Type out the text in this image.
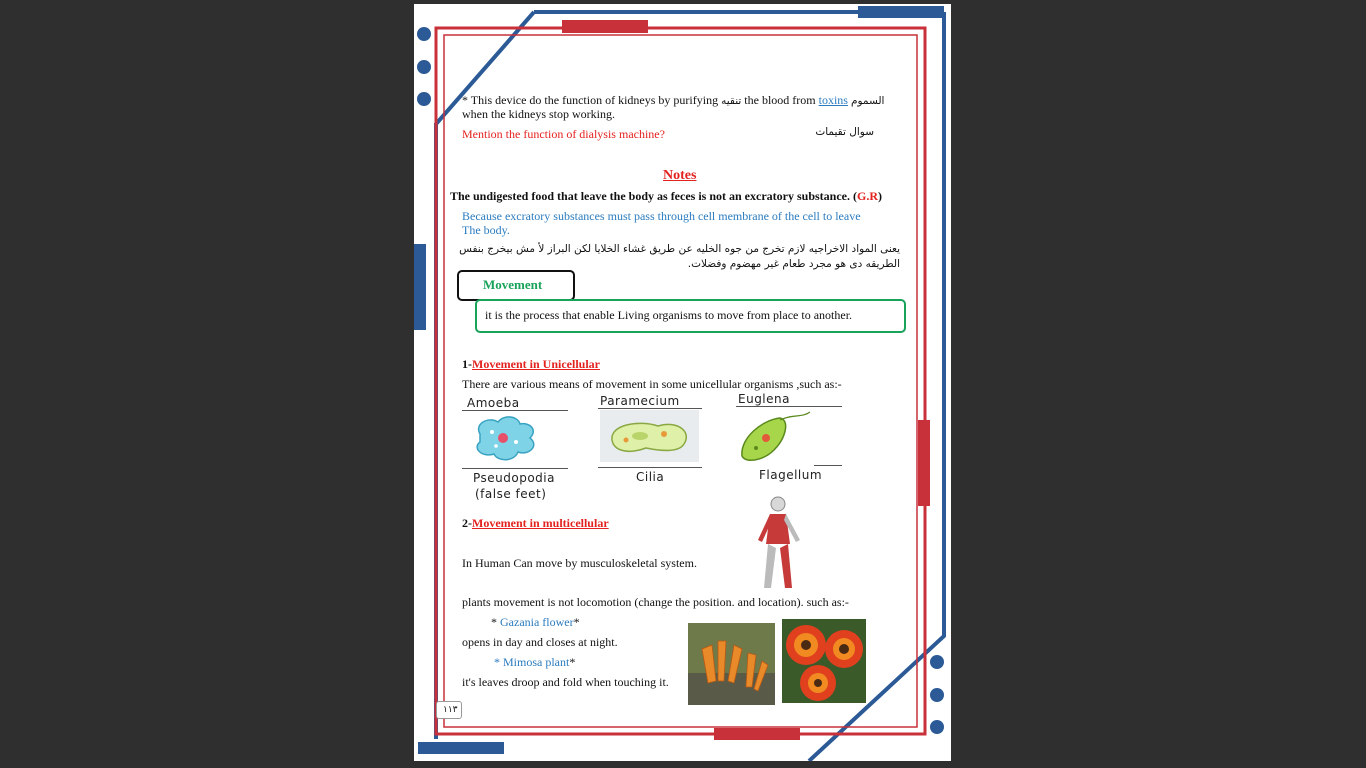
* This device do the function of kidneys by purifying تنقيه the blood from toxins السموم
when the kidneys stop working.
Mention the function of dialysis machine?	سوال تقيمات
Notes
The undigested food that leave the body as feces is not an excratory substance. (G.R)
Because excratory substances must pass through cell membrane of the cell to leave
The body.
يعنى المواد الاخراجيه لازم تخرج من جوه الخليه عن طريق غشاء الخلايا لكن البراز لأ مش بيخرج بنفس
الطريقه دى هو مجرد طعام غير مهضوم وفضلات.
Movement
it is the process that enable Living organisms to move from place to another.
1-Movement in Unicellular
There are various means of movement in some unicellular organisms ,such as:-
Amoeba
Pseudopodia
(false feet)
Paramecium
Cilia
Euglena
Flagellum
2-Movement in multicellular
In Human Can move by musculoskeletal system.
plants movement is not locomotion (change the position. and location). such as:-
* Gazania flower*
opens in day and closes at night.
* Mimosa plant*
it's leaves droop and fold when touching it.
١١٣
